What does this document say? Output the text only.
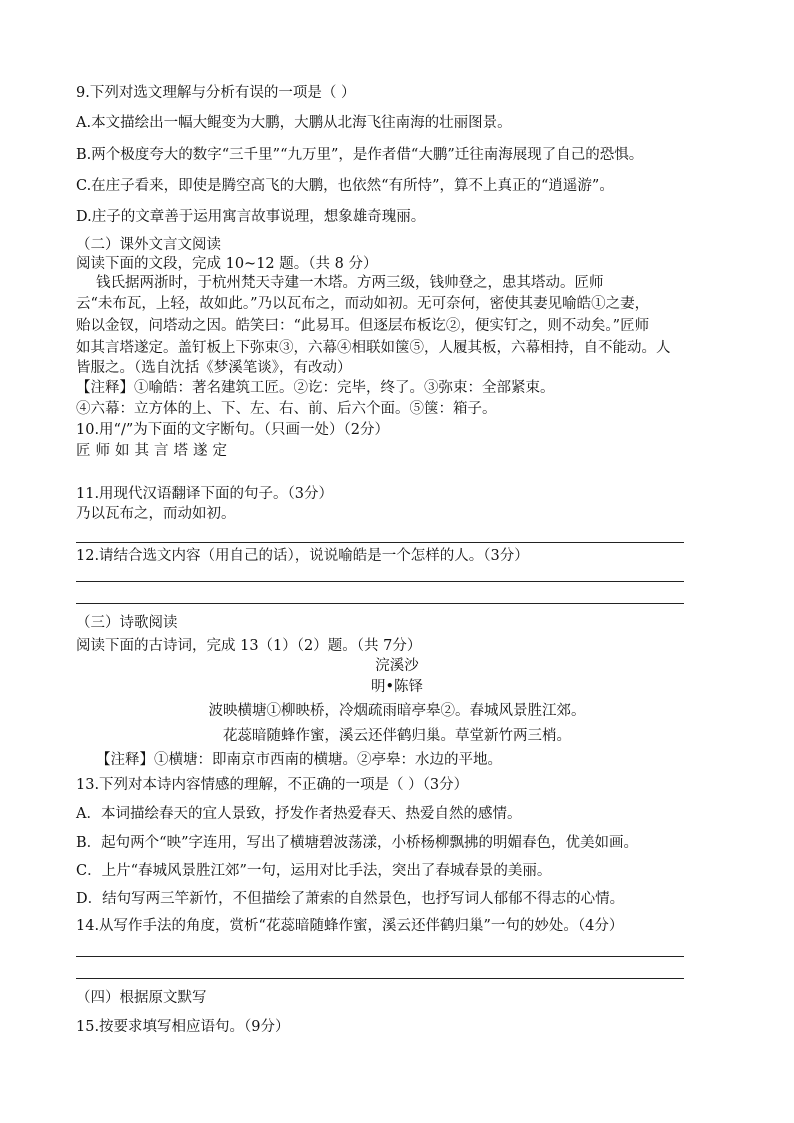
9.下列对选文理解与分析有误的一项是（ ）
A.本文描绘出一幅大鲲变为大鹏，大鹏从北海飞往南海的壮丽图景。
B.两个极度夸大的数字“三千里”“九万里”，是作者借“大鹏”迁往南海展现了自己的恐惧。
C.在庄子看来，即使是腾空高飞的大鹏，也依然“有所恃”，算不上真正的“逍遥游”。
D.庄子的文章善于运用寓言故事说理，想象雄奇瑰丽。
（二）课外文言文阅读
阅读下面的文段，完成 10~12 题。（共 8 分）
钱氏据两浙时，于杭州梵天寺建一木塔。方两三级，钱帅登之，患其塔动。匠师
云“未布瓦，上轻，故如此。”乃以瓦布之，而动如初。无可奈何，密使其妻见喻皓①之妻，
贻以金钗，问塔动之因。皓笑曰：“此易耳。但逐层布板讫②，便实钉之，则不动矣。”匠师
如其言塔遂定。盖钉板上下弥束③，六幕④相联如箧⑤，人履其板，六幕相持，自不能动。人
皆服之。（选自沈括《梦溪笔谈》，有改动）
【注释】①喻皓：著名建筑工匠。②讫：完毕，终了。③弥束：全部紧束。
④六幕：立方体的上、下、左、右、前、后六个面。⑤箧：箱子。
10.用“/”为下面的文字断句。（只画一处）（2分）
匠师如其言塔遂定
11.用现代汉语翻译下面的句子。（3分）
乃以瓦布之，而动如初。
12.请结合选文内容（用自己的话），说说喻皓是一个怎样的人。（3分）
（三）诗歌阅读
阅读下面的古诗词，完成 13（1）（2）题。（共 7分）
浣溪沙
明•陈铎
波映横塘①柳映桥，冷烟疏雨暗亭皋②。春城风景胜江郊。
花蕊暗随蜂作蜜，溪云还伴鹤归巢。草堂新竹两三梢。
【注释】①横塘：即南京市西南的横塘。②亭皋：水边的平地。
13.下列对本诗内容情感的理解，不正确的一项是（ ）（3分）
A．本词描绘春天的宜人景致，抒发作者热爱春天、热爱自然的感情。
B．起句两个“映”字连用，写出了横塘碧波荡漾，小桥杨柳飘拂的明媚春色，优美如画。
C．上片“春城风景胜江郊”一句，运用对比手法，突出了春城春景的美丽。
D．结句写两三竿新竹，不但描绘了萧索的自然景色，也抒写词人郁郁不得志的心情。
14.从写作手法的角度，赏析“花蕊暗随蜂作蜜，溪云还伴鹤归巢”一句的妙处。（4分）
（四）根据原文默写
15.按要求填写相应语句。（9分）
